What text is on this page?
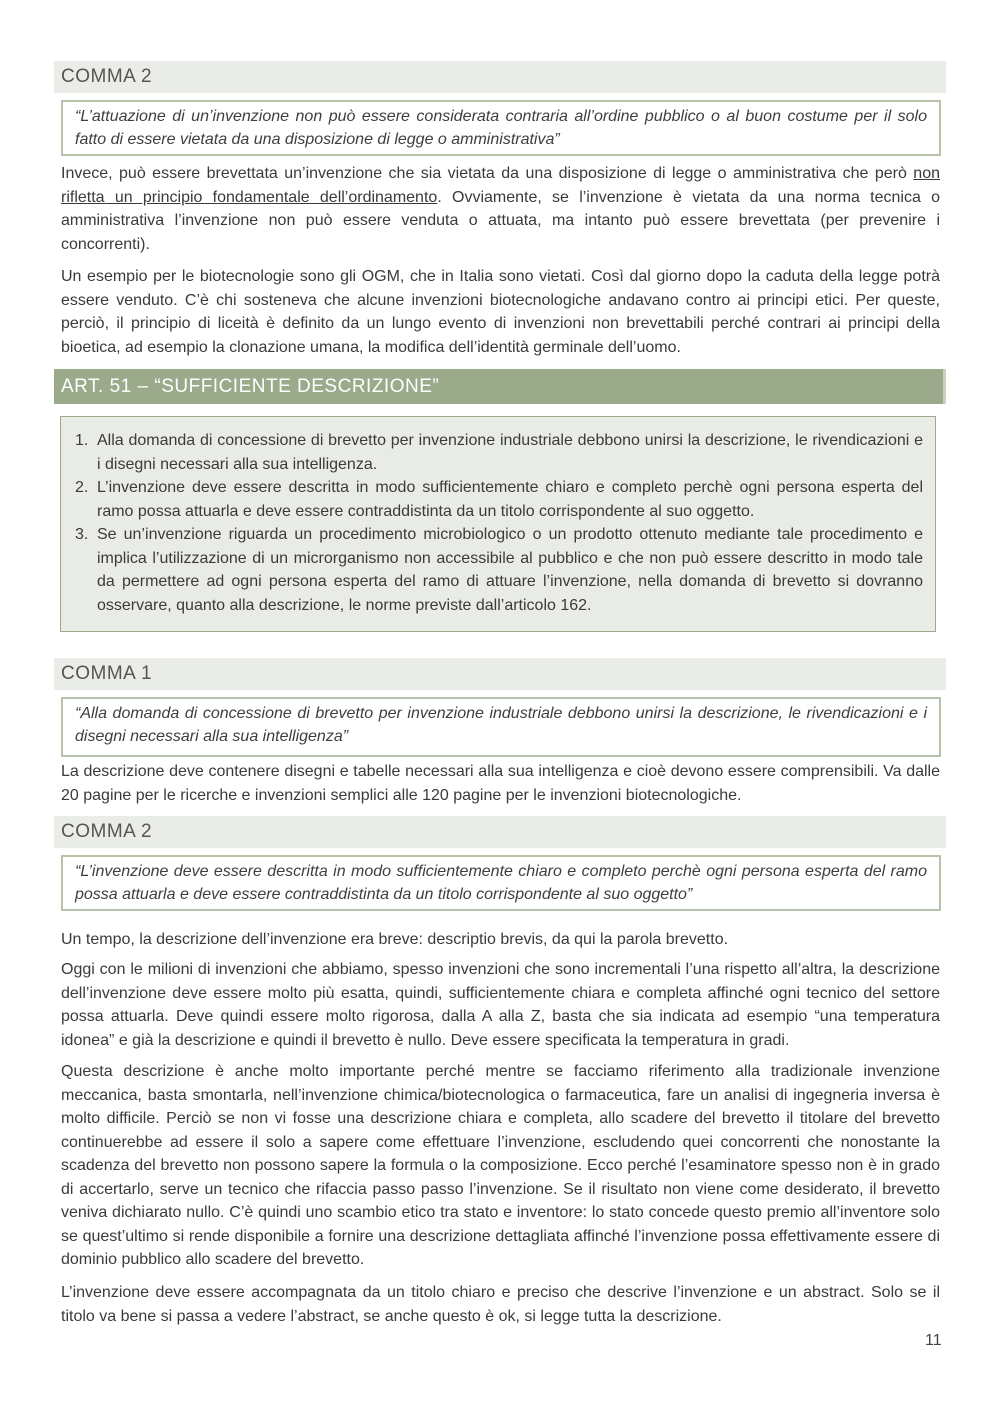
COMMA 2
“L’attuazione di un’invenzione non può essere considerata contraria all’ordine pubblico o al buon costume per il solo fatto di essere vietata da una disposizione di legge o amministrativa”

Invece, può essere brevettata un’invenzione che sia vietata da una disposizione di legge o amministrativa che però non rifletta un principio fondamentale dell’ordinamento. Ovviamente, se l’invenzione è vietata da una norma tecnica o amministrativa l’invenzione non può essere venduta o attuata, ma intanto può essere brevettata (per prevenire i concorrenti).

Un esempio per le biotecnologie sono gli OGM, che in Italia sono vietati. Così dal giorno dopo la caduta della legge potrà essere venduto. C’è chi sosteneva che alcune invenzioni biotecnologiche andavano contro ai principi etici. Per queste, perciò, il principio di liceità è definito da un lungo evento di invenzioni non brevettabili perché contrari ai principi della bioetica, ad esempio la clonazione umana, la modifica dell’identità germinale dell’uomo.

ART. 51 – “SUFFICIENTE DESCRIZIONE”
1. Alla domanda di concessione di brevetto per invenzione industriale debbono unirsi la descrizione, le rivendicazioni e i disegni necessari alla sua intelligenza.
2. L’invenzione deve essere descritta in modo sufficientemente chiaro e completo perchè ogni persona esperta del ramo possa attuarla e deve essere contraddistinta da un titolo corrispondente al suo oggetto.
3. Se un’invenzione riguarda un procedimento microbiologico o un prodotto ottenuto mediante tale procedimento e implica l’utilizzazione di un microrganismo non accessibile al pubblico e che non può essere descritto in modo tale da permettere ad ogni persona esperta del ramo di attuare l’invenzione, nella domanda di brevetto si dovranno osservare, quanto alla descrizione, le norme previste dall’articolo 162.
COMMA 1
“Alla domanda di concessione di brevetto per invenzione industriale debbono unirsi la descrizione, le rivendicazioni e i disegni necessari alla sua intelligenza”

La descrizione deve contenere disegni e tabelle necessari alla sua intelligenza e cioè devono essere comprensibili. Va dalle 20 pagine per le ricerche e invenzioni semplici alle 120 pagine per le invenzioni biotecnologiche.

COMMA 2
“L’invenzione deve essere descritta in modo sufficientemente chiaro e completo perchè ogni persona esperta del ramo possa attuarla e deve essere contraddistinta da un titolo corrispondente al suo oggetto”

Un tempo, la descrizione dell’invenzione era breve: descriptio brevis, da qui la parola brevetto.

Oggi con le milioni di invenzioni che abbiamo, spesso invenzioni che sono incrementali l’una rispetto all’altra, la descrizione dell’invenzione deve essere molto più esatta, quindi, sufficientemente chiara e completa affinché ogni tecnico del settore possa attuarla. Deve quindi essere molto rigorosa, dalla A alla Z, basta che sia indicata ad esempio “una temperatura idonea” e già la descrizione e quindi il brevetto è nullo. Deve essere specificata la temperatura in gradi.

Questa descrizione è anche molto importante perché mentre se facciamo riferimento alla tradizionale invenzione meccanica, basta smontarla, nell’invenzione chimica/biotecnologica o farmaceutica, fare un analisi di ingegneria inversa è molto difficile. Perciò se non vi fosse una descrizione chiara e completa, allo scadere del brevetto il titolare del brevetto continuerebbe ad essere il solo a sapere come effettuare l’invenzione, escludendo quei concorrenti che nonostante la scadenza del brevetto non possono sapere la formula o la composizione. Ecco perché l’esaminatore spesso non è in grado di accertarlo, serve un tecnico che rifaccia passo passo l’invenzione. Se il risultato non viene come desiderato, il brevetto veniva dichiarato nullo. C’è quindi uno scambio etico tra stato e inventore: lo stato concede questo premio all’inventore solo se quest’ultimo si rende disponibile a fornire una descrizione dettagliata affinché l’invenzione possa effettivamente essere di dominio pubblico allo scadere del brevetto.

L’invenzione deve essere accompagnata da un titolo chiaro e preciso che descrive l’invenzione e un abstract. Solo se il titolo va bene si passa a vedere l’abstract, se anche questo è ok, si legge tutta la descrizione.

11
